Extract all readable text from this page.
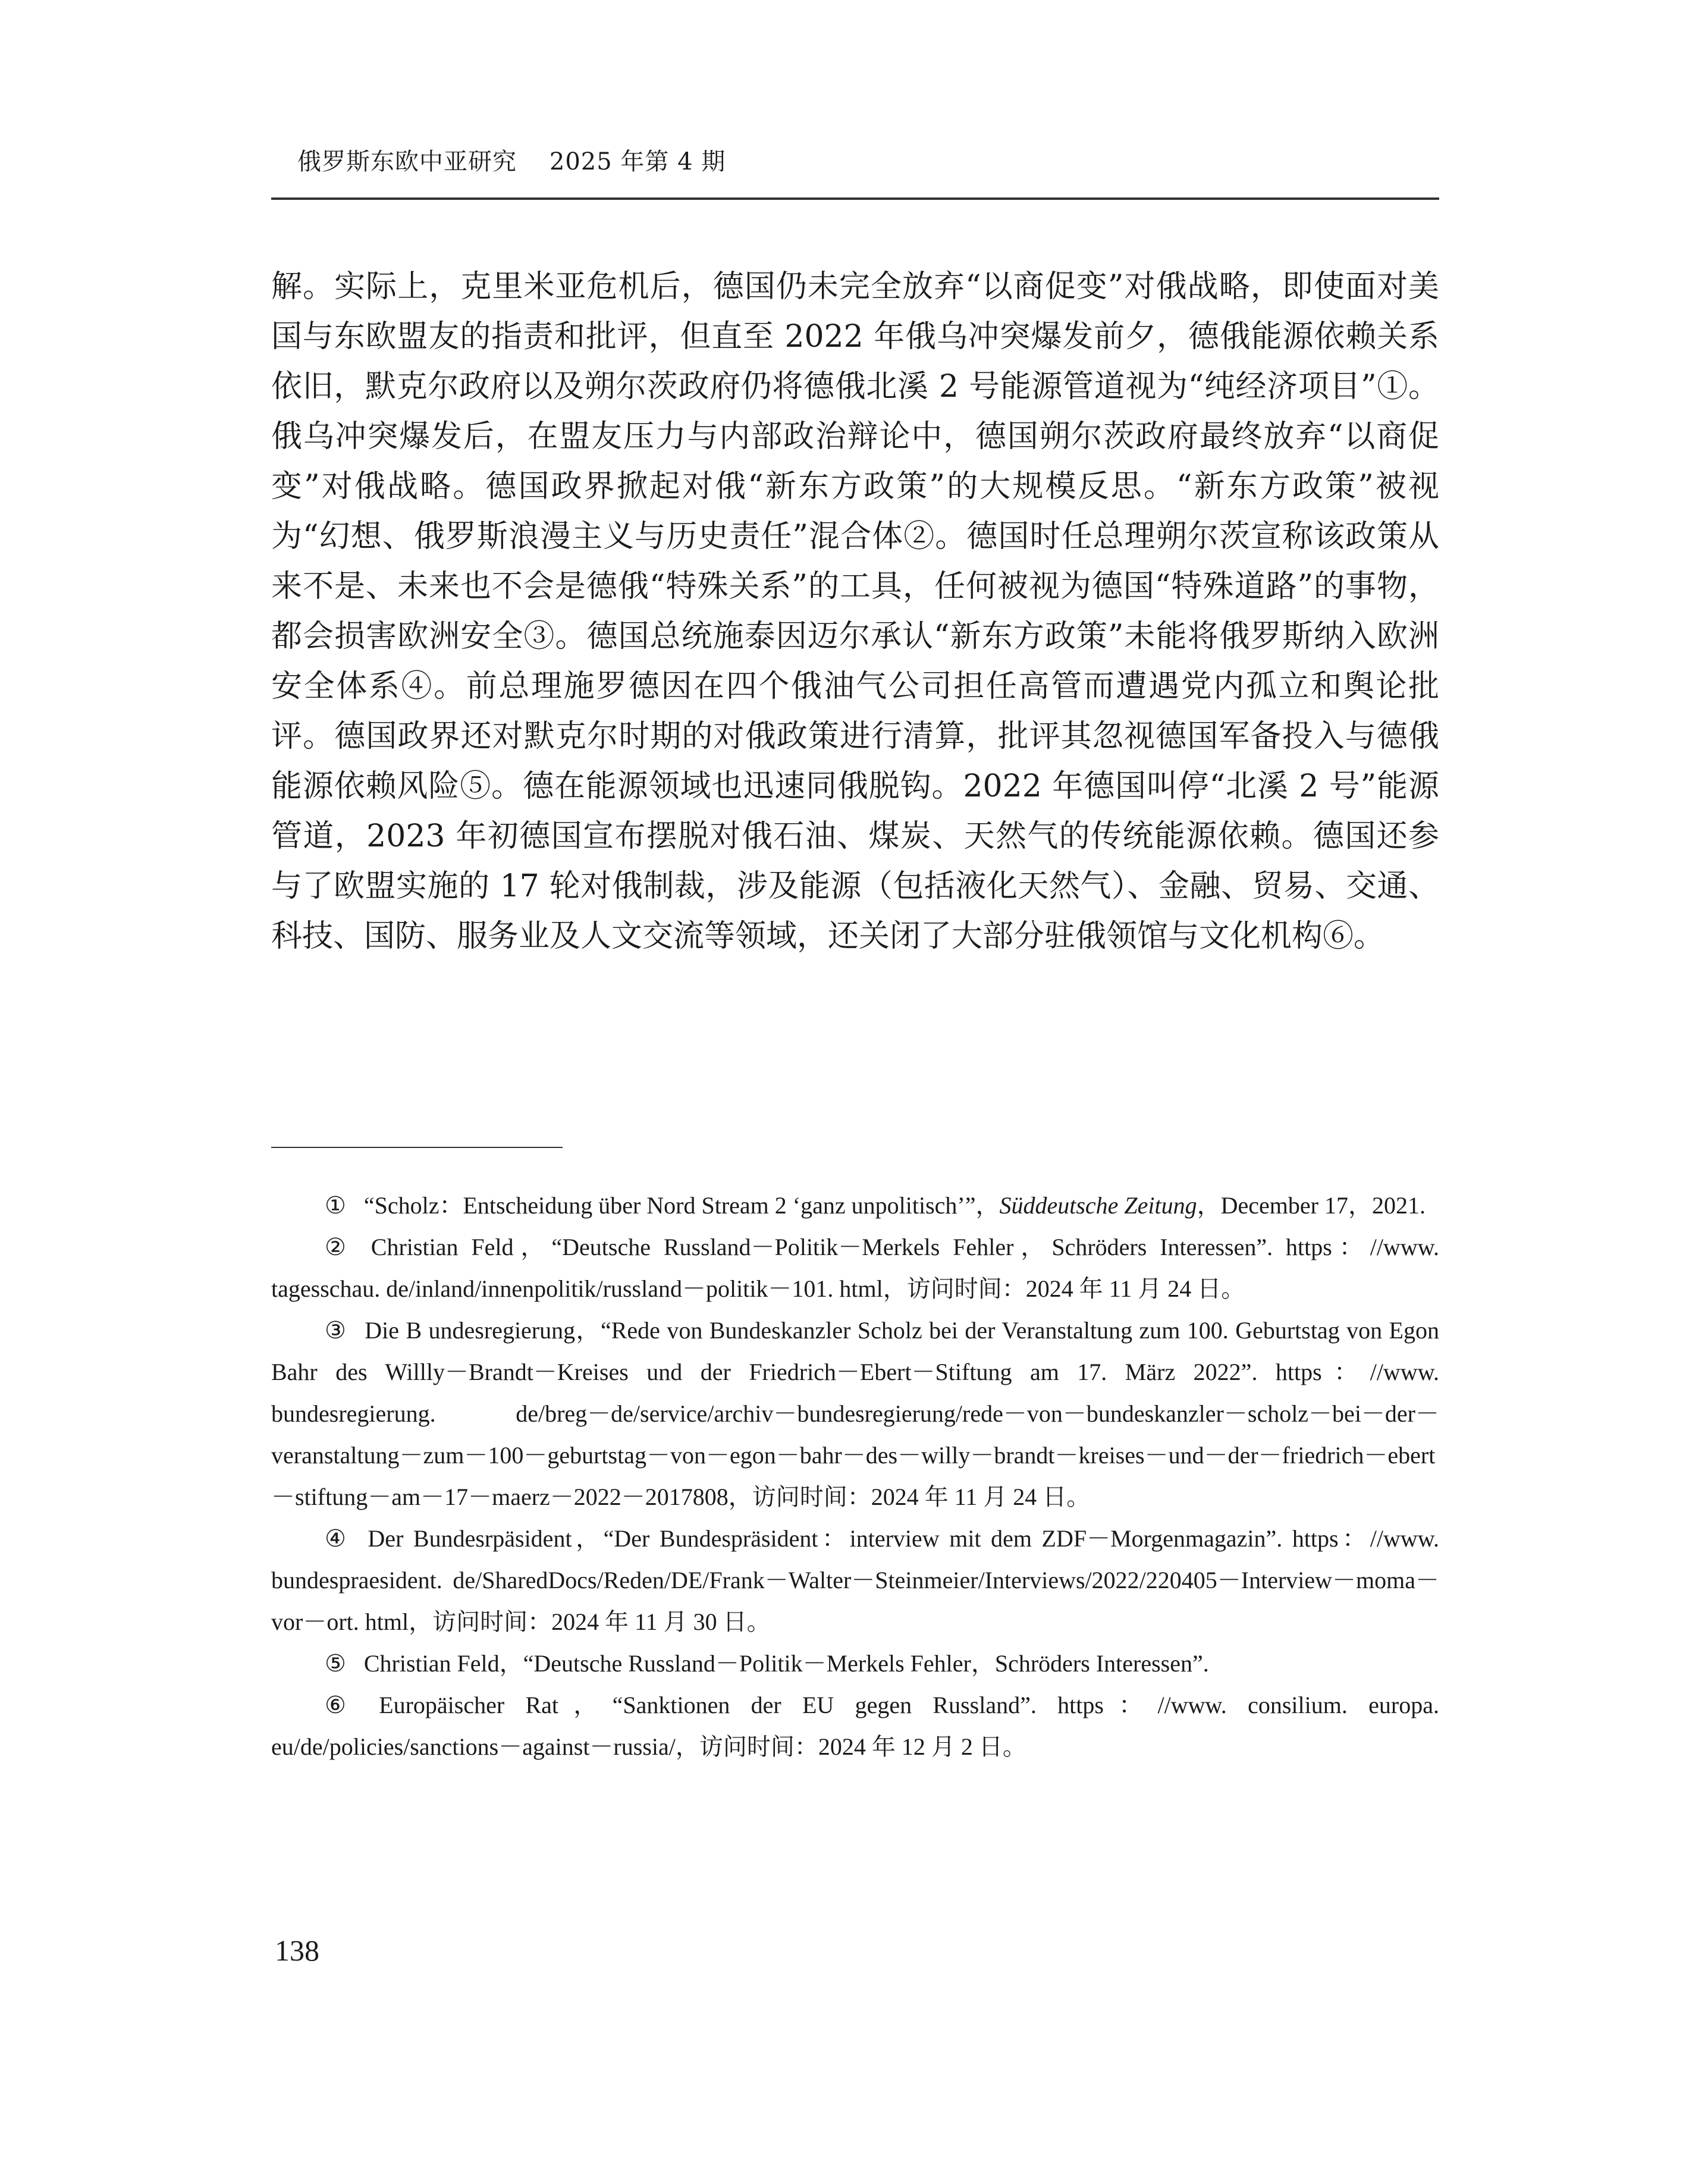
俄罗斯东欧中亚研究 2025 年第 4 期

解。实际上，克里米亚危机后，德国仍未完全放弃“以商促变”对俄战略，即使面对美国与东欧盟友的指责和批评，但直至 2022 年俄乌冲突爆发前夕，德俄能源依赖关系依旧，默克尔政府以及朔尔茨政府仍将德俄北溪 2 号能源管道视为“纯经济项目”①。俄乌冲突爆发后，在盟友压力与内部政治辩论中，德国朔尔茨政府最终放弃“以商促变”对俄战略。德国政界掀起对俄“新东方政策”的大规模反思。“新东方政策”被视为“幻想、俄罗斯浪漫主义与历史责任”混合体②。德国时任总理朔尔茨宣称该政策从来不是、未来也不会是德俄“特殊关系”的工具，任何被视为德国“特殊道路”的事物，都会损害欧洲安全③。德国总统施泰因迈尔承认“新东方政策”未能将俄罗斯纳入欧洲安全体系④。前总理施罗德因在四个俄油气公司担任高管而遭遇党内孤立和舆论批评。德国政界还对默克尔时期的对俄政策进行清算，批评其忽视德国军备投入与德俄能源依赖风险⑤。德在能源领域也迅速同俄脱钩。2022 年德国叫停“北溪 2 号”能源管道，2023 年初德国宣布摆脱对俄石油、煤炭、天然气的传统能源依赖。德国还参与了欧盟实施的 17 轮对俄制裁，涉及能源（包括液化天然气）、金融、贸易、交通、科技、国防、服务业及人文交流等领域，还关闭了大部分驻俄领馆与文化机构⑥。

① “Scholz：Entscheidung über Nord Stream 2 ‘ganz unpolitisch’”，Süddeutsche Zeitung，December 17，2021.

② Christian Feld，“Deutsche Russland－Politik－Merkels Fehler，Schröders Interessen”. https：//www. tagesschau. de/inland/innenpolitik/russland－politik－101. html，访问时间：2024 年 11 月 24 日。

③ Die B undesregierung，“Rede von Bundeskanzler Scholz bei der Veranstaltung zum 100. Geburtstag von Egon Bahr des Willly－Brandt－Kreises und der Friedrich－Ebert－Stiftung am 17. März 2022”. https：//www. bundesregierung. de/breg－de/service/archiv－bundesregierung/rede－von－bundeskanzler－scholz－bei－der－veranstaltung－zum－100－geburtstag－von－egon－bahr－des－willy－brandt－kreises－und－der－friedrich－ebert－stiftung－am－17－maerz－2022－2017808，访问时间：2024 年 11 月 24 日。

④ Der Bundesrpäsident，“Der Bundespräsident：interview mit dem ZDF－Morgenmagazin”. https：//www. bundespraesident. de/SharedDocs/Reden/DE/Frank－Walter－Steinmeier/Interviews/2022/220405－Interview－moma－vor－ort. html，访问时间：2024 年 11 月 30 日。

⑤ Christian Feld，“Deutsche Russland－Politik－Merkels Fehler，Schröders Interessen”.

⑥ Europäischer Rat，“Sanktionen der EU gegen Russland”. https：//www. consilium. europa. eu/de/policies/sanctions－against－russia/，访问时间：2024 年 12 月 2 日。

138
